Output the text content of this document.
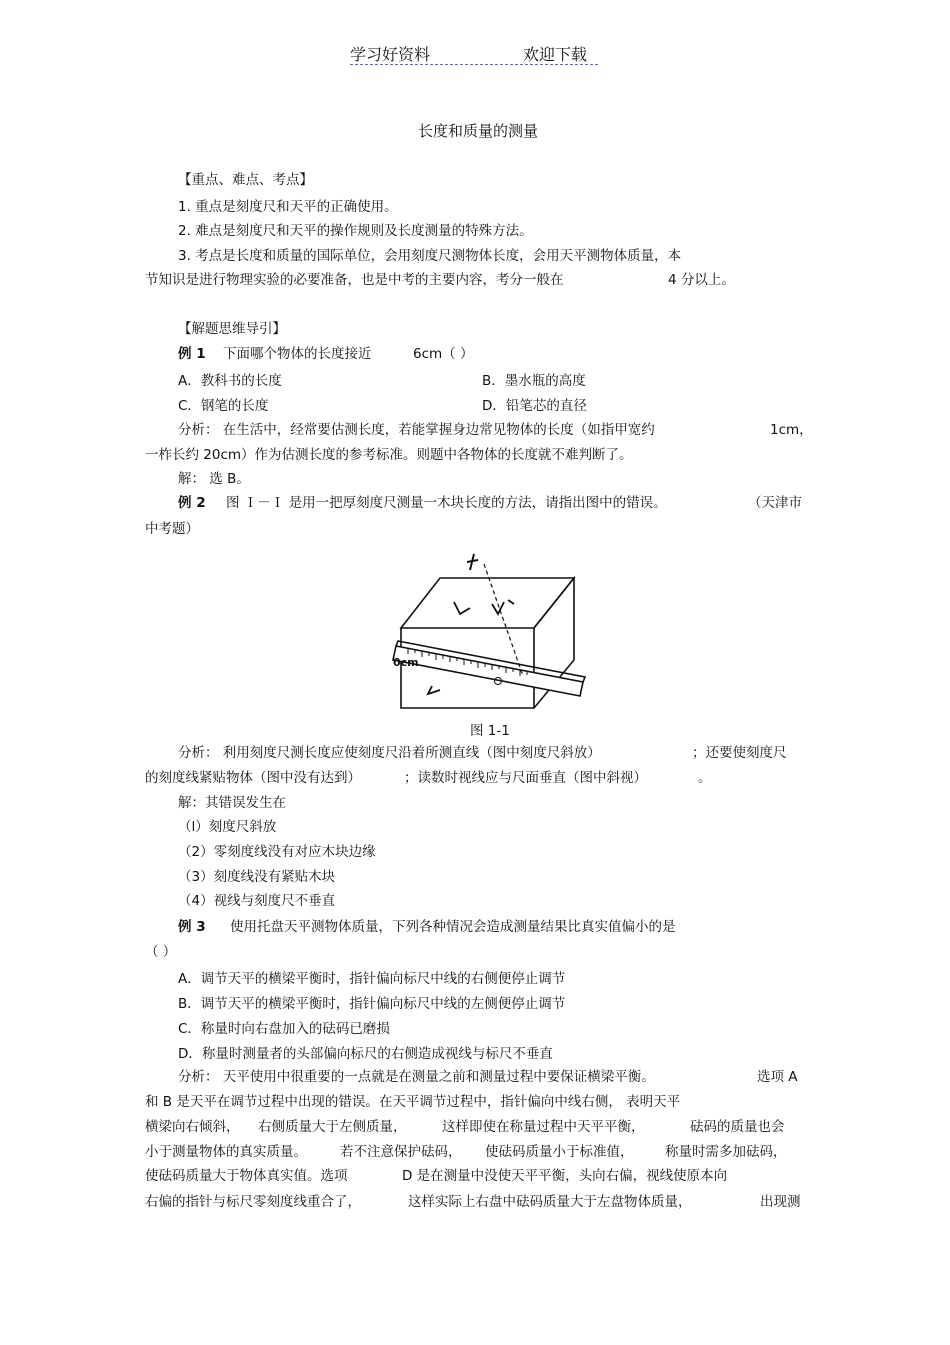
学习好资料	欢迎下载
长度和质量的测量
【重点、难点、考点】
1. 重点是刻度尺和天平的正确使用。
2. 难点是刻度尺和天平的操作规则及长度测量的特殊方法。
3. 考点是长度和质量的国际单位，会用刻度尺测物体长度，会用天平测物体质量，本
节知识是进行物理实验的必要准备，也是中考的主要内容，考分一般在	4 分以上。
【解题思维导引】
例 1 下面哪个物体的长度接近	6cm（ ）
A．教科书的长度	B．墨水瓶的高度
C．钢笔的长度	D．铅笔芯的直径
分析： 在生活中，经常要估测长度，若能掌握身边常见物体的长度（如指甲宽约	1cm，
一柞长约 20cm）作为估测长度的参考标准。则题中各物体的长度就不难判断了。
解： 选 B。
例 2 图 Ｉ－Ｉ 是用一把厚刻度尺测量一木块长度的方法，请指出图中的错误。	（天津市
中考题）
0cm
图 1-1
分析： 利用刻度尺测长度应使刻度尺沿着所测直线（图中刻度尺斜放）	；还要使刻度尺
的刻度线紧贴物体（图中没有达到）	；读数时视线应与尺面垂直（图中斜视）	。
解：其错误发生在
（l）刻度尺斜放
（2）零刻度线没有对应木块边缘
（3）刻度线没有紧贴木块
（4）视线与刻度尺不垂直
例 3 使用托盘天平测物体质量，下列各种情况会造成测量结果比真实值偏小的是
（ ）
A．调节天平的横梁平衡时，指针偏向标尺中线的右侧便停止调节
B．调节天平的横梁平衡时，指针偏向标尺中线的左侧便停止调节
C．称量时向右盘加入的砝码已磨损
D．称量时测量者的头部偏向标尺的右侧造成视线与标尺不垂直
分析： 天平使用中很重要的一点就是在测量之前和测量过程中要保证横梁平衡。	选项 A
和 B 是天平在调节过程中出现的错误。在天平调节过程中，指针偏向中线右侧， 表明天平
横梁向右倾斜， 右侧质量大于左侧质量，	这样即使在称量过程中天平平衡，	砝码的质量也会
小于测量物体的真实质量。 若不注意保护砝码， 使砝码质量小于标准值， 称量时需多加砝码，
使砝码质量大于物体真实值。选项	D 是在测量中没使天平平衡，头向右偏，视线使原本向
右偏的指针与标尺零刻度线重合了，	这样实际上右盘中砝码质量大于左盘物体质量，	出现测
